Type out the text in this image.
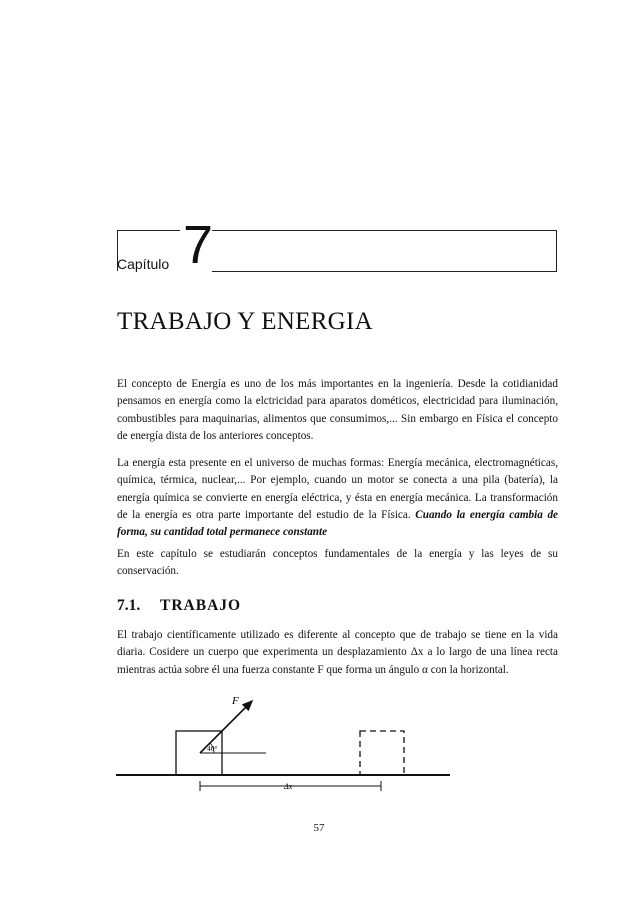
Capítulo 7
TRABAJO Y ENERGIA

El concepto de Energía es uno de los más importantes en la ingeniería. Desde la cotidianidad pensamos en energía como la elctricidad para aparatos dométicos, electricidad para iluminación, combustibles para maquinarias, alimentos que consumimos,... Sin embargo en Física el concepto de energía dista de los anteriores conceptos.

La energía esta presente en el universo de muchas formas: Energía mecánica, electromagnéticas, química, térmica, nuclear,... Por ejemplo, cuando un motor se conecta a una pila (batería), la energía química se convierte en energía eléctrica, y ésta en energía mecánica. La transformación de la energía es otra parte importante del estudio de la Física. Cuando la energía cambia de forma, su cantidad total permanece constante

En este capítulo se estudiarán conceptos fundamentales de la energía y las leyes de su conservación.

7.1. TRABAJO

El trabajo científicamente utilizado es diferente al concepto que de trabajo se tiene en la vida diaria. Cosidere un cuerpo que experimenta un desplazamiento Δx a lo largo de una línea recta mientras actúa sobre él una fuerza constante F que forma un ángulo α con la horizontal.

F
40°
Δx
57
